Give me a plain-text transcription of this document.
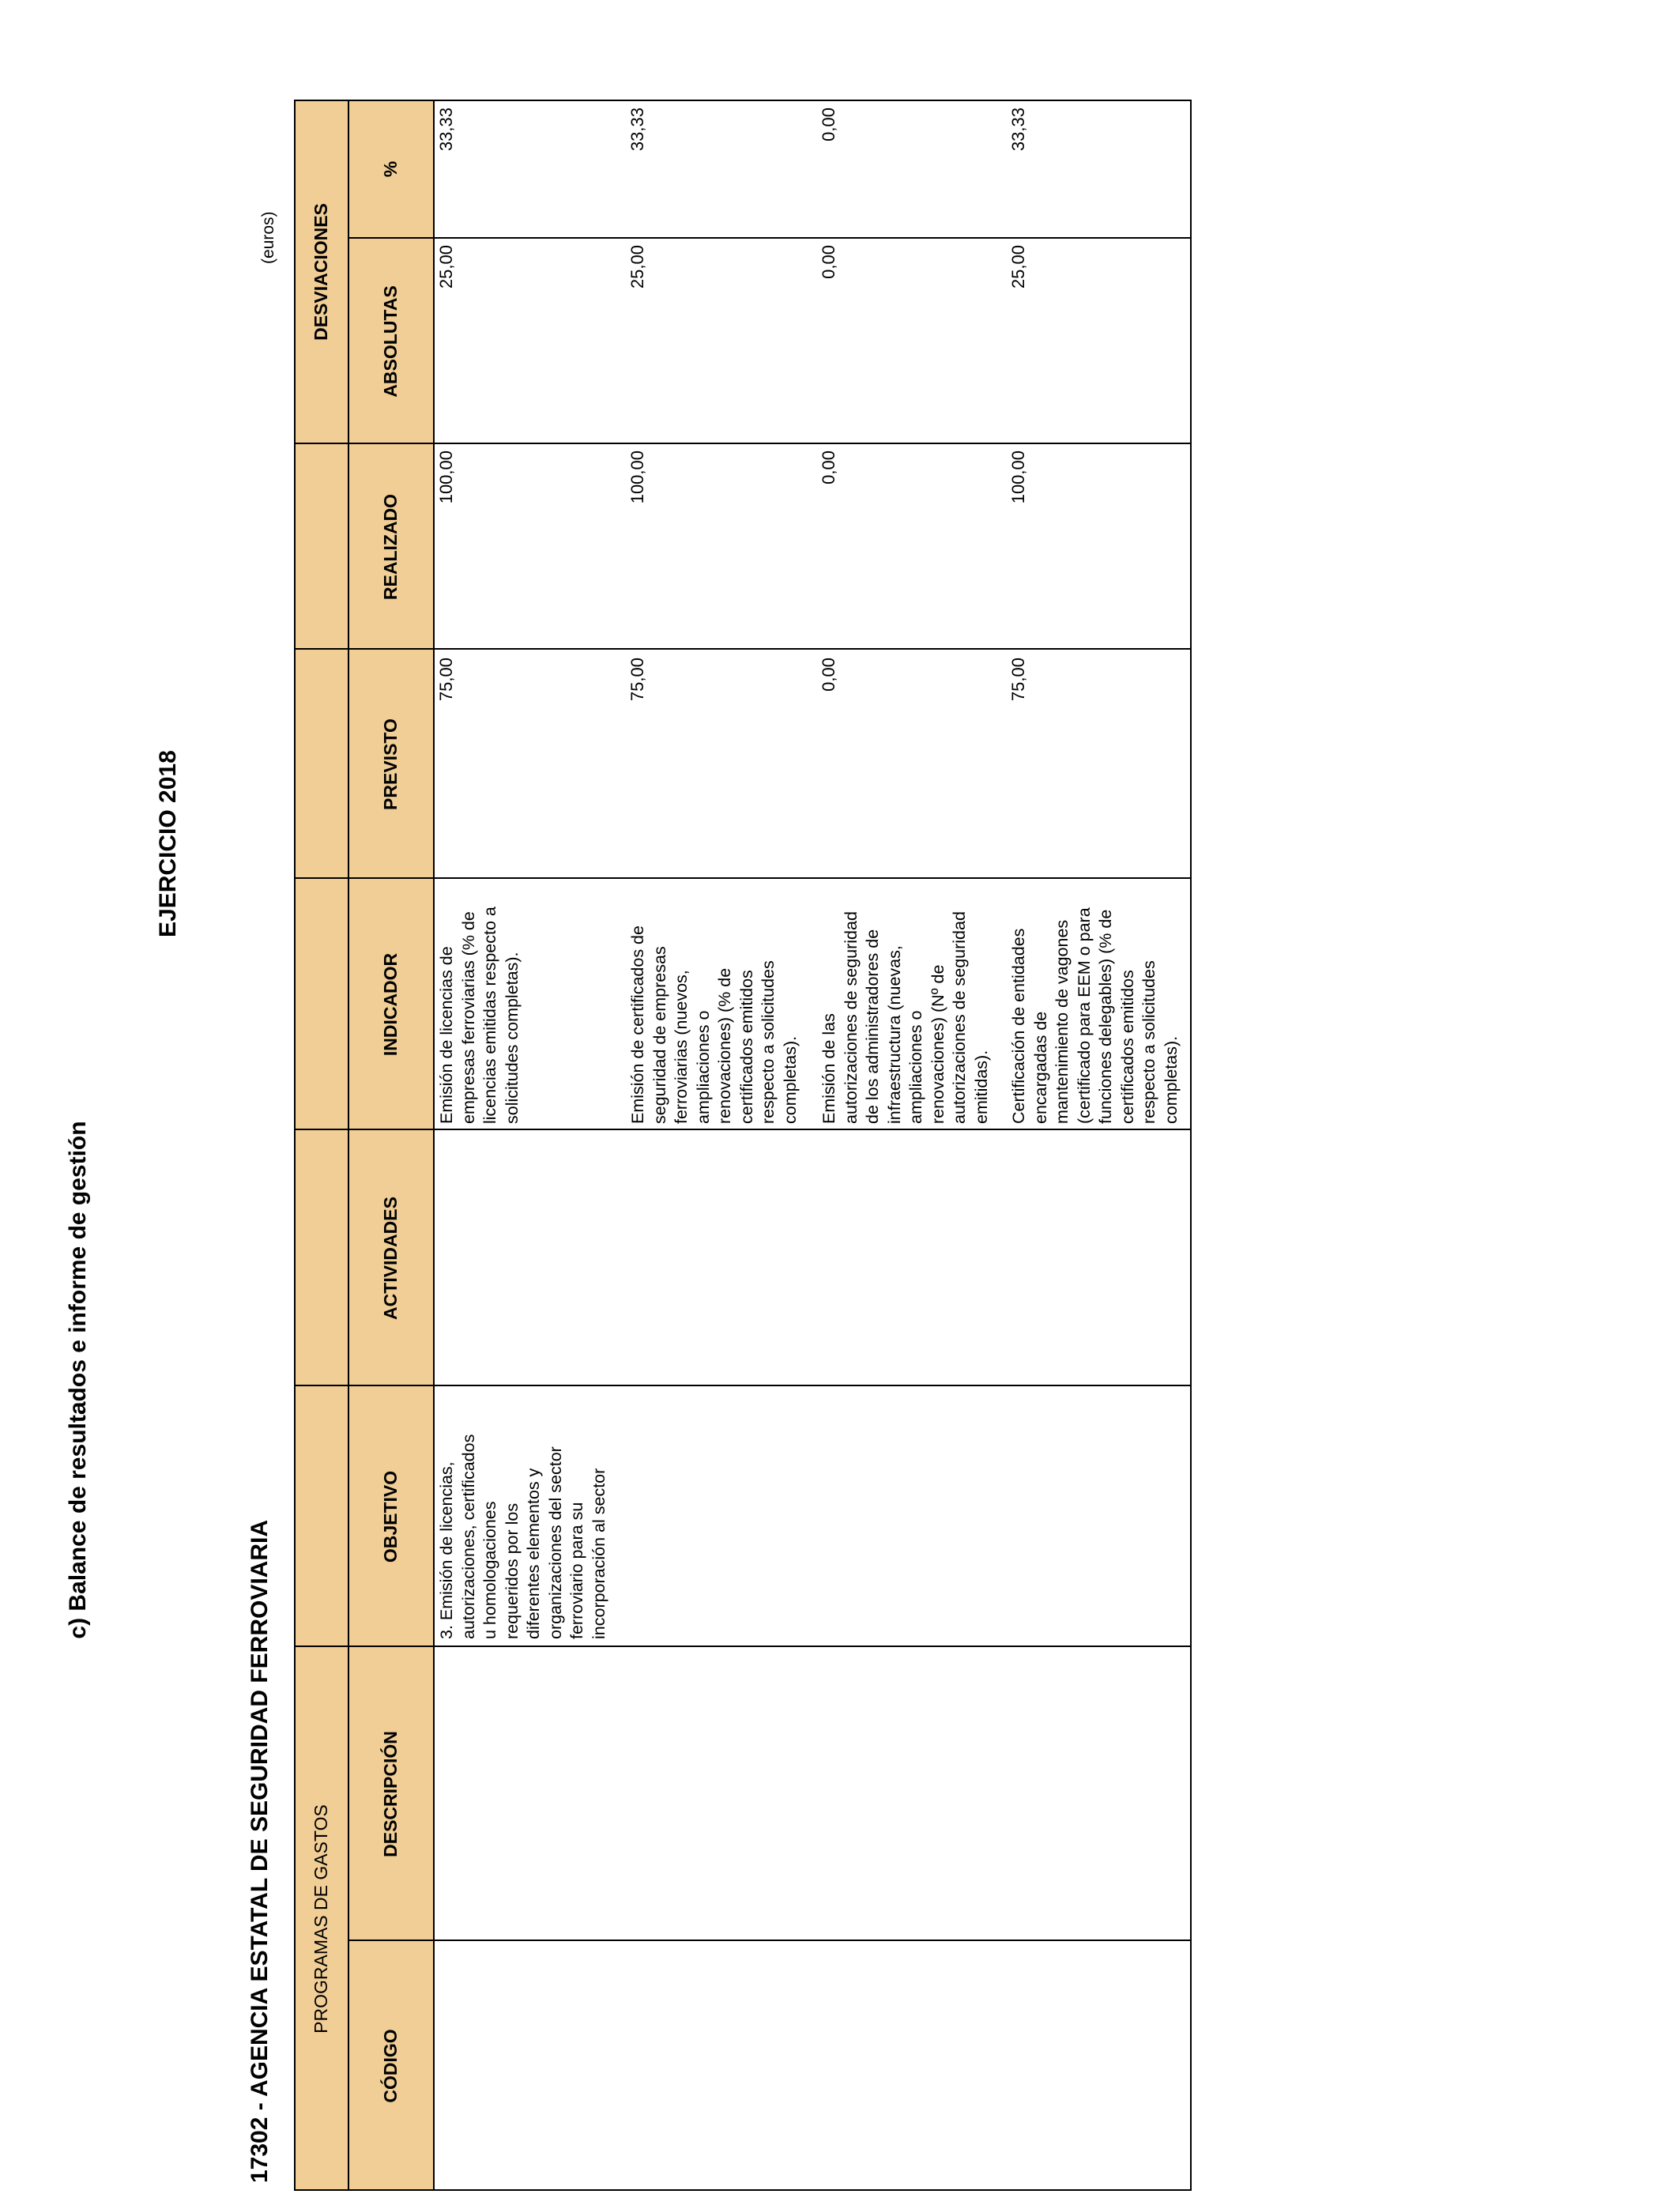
c) Balance de resultados e informe de gestión
EJERCICIO 2018
17302 - AGENCIA ESTATAL DE SEGURIDAD FERROVIARIA
(euros)
PROGRAMAS DE GASTOS
DESVIACIONES
CÓDIGO
DESCRIPCIÓN
OBJETIVO
ACTIVIDADES
INDICADOR
PREVISTO
REALIZADO
ABSOLUTAS
%
3. Emisión de licencias,
autorizaciones, certificados
u homologaciones
requeridos por los
diferentes elementos y
organizaciones del sector
ferroviario para su
incorporación al sector
Emisión de licencias de
empresas ferroviarias (% de
licencias emitidas respecto a
solicitudes completas).
75,00
100,00
25,00
33,33
Emisión de certificados de
seguridad de empresas
ferroviarias (nuevos,
ampliaciones o
renovaciones) (% de
certificados emitidos
respecto a solicitudes
completas).
75,00
100,00
25,00
33,33
Emisión de las
autorizaciones de seguridad
de los administradores de
infraestructura (nuevas,
ampliaciones o
renovaciones) (Nº de
autorizaciones de seguridad
emitidas).
0,00
0,00
0,00
0,00
Certificación de entidades
encargadas de
mantenimiento de vagones
(certificado para EEM o para
funciones delegables) (% de
certificados emitidos
respecto a solicitudes
completas).
75,00
100,00
25,00
33,33
